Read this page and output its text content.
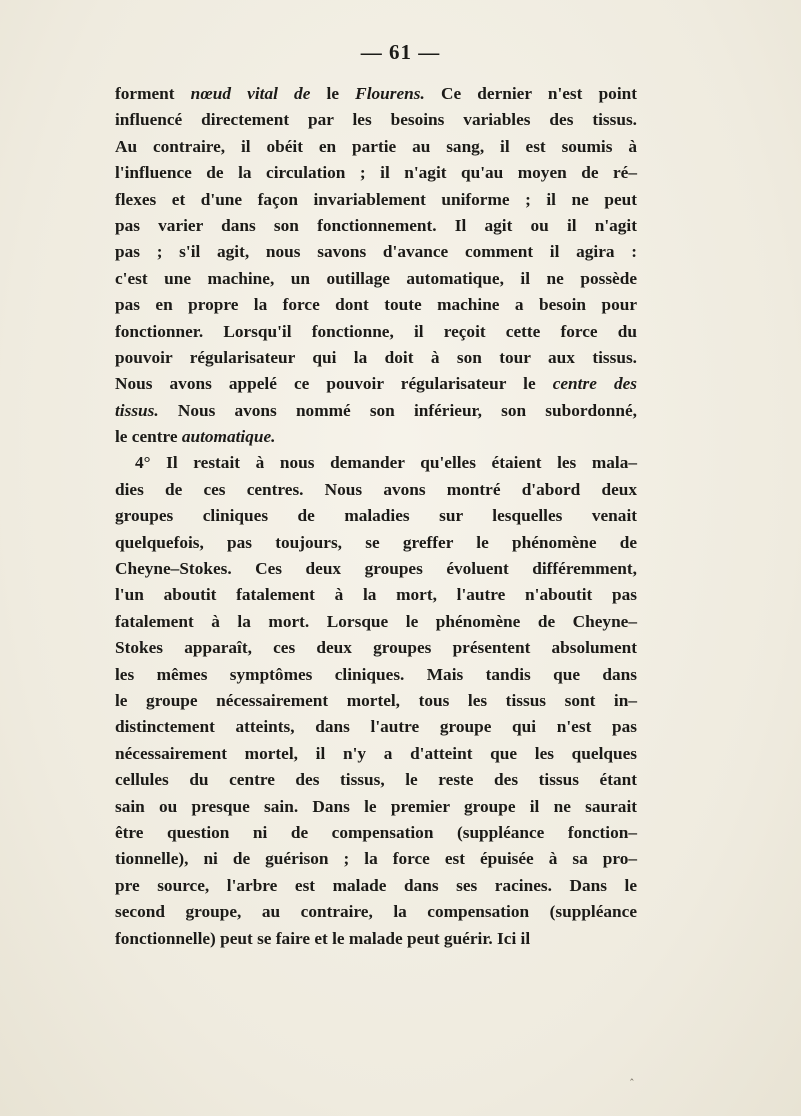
— 61 —
forment nœud vital de le Flourens. Ce dernier n'est point
influencé directement par les besoins variables des tissus.
Au contraire, il obéit en partie au sang, il est soumis à
l'influence de la circulation ; il n'agit qu'au moyen de ré–
flexes et d'une façon invariablement uniforme ; il ne peut
pas varier dans son fonctionnement. Il agit ou il n'agit
pas ; s'il agit, nous savons d'avance comment il agira :
c'est une machine, un outillage automatique, il ne possède
pas en propre la force dont toute machine a besoin pour
fonctionner. Lorsqu'il fonctionne, il reçoit cette force du
pouvoir régularisateur qui la doit à son tour aux tissus.
Nous avons appelé ce pouvoir régularisateur le centre des
tissus. Nous avons nommé son inférieur, son subordonné,
le centre automatique.
4° Il restait à nous demander qu'elles étaient les mala–
dies de ces centres. Nous avons montré d'abord deux
groupes cliniques de maladies sur lesquelles venait
quelquefois, pas toujours, se greffer le phénomène de
Cheyne–Stokes. Ces deux groupes évoluent différemment,
l'un aboutit fatalement à la mort, l'autre n'aboutit pas
fatalement à la mort. Lorsque le phénomène de Cheyne–
Stokes apparaît, ces deux groupes présentent absolument
les mêmes symptômes cliniques. Mais tandis que dans
le groupe nécessairement mortel, tous les tissus sont in–
distinctement atteints, dans l'autre groupe qui n'est pas
nécessairement mortel, il n'y a d'atteint que les quelques
cellules du centre des tissus, le reste des tissus étant
sain ou presque sain. Dans le premier groupe il ne saurait
être question ni de compensation (suppléance fonction–
tionnelle), ni de guérison ; la force est épuisée à sa pro–
pre source, l'arbre est malade dans ses racines. Dans le
second groupe, au contraire, la compensation (suppléance
fonctionnelle) peut se faire et le malade peut guérir. Ici il
‸
